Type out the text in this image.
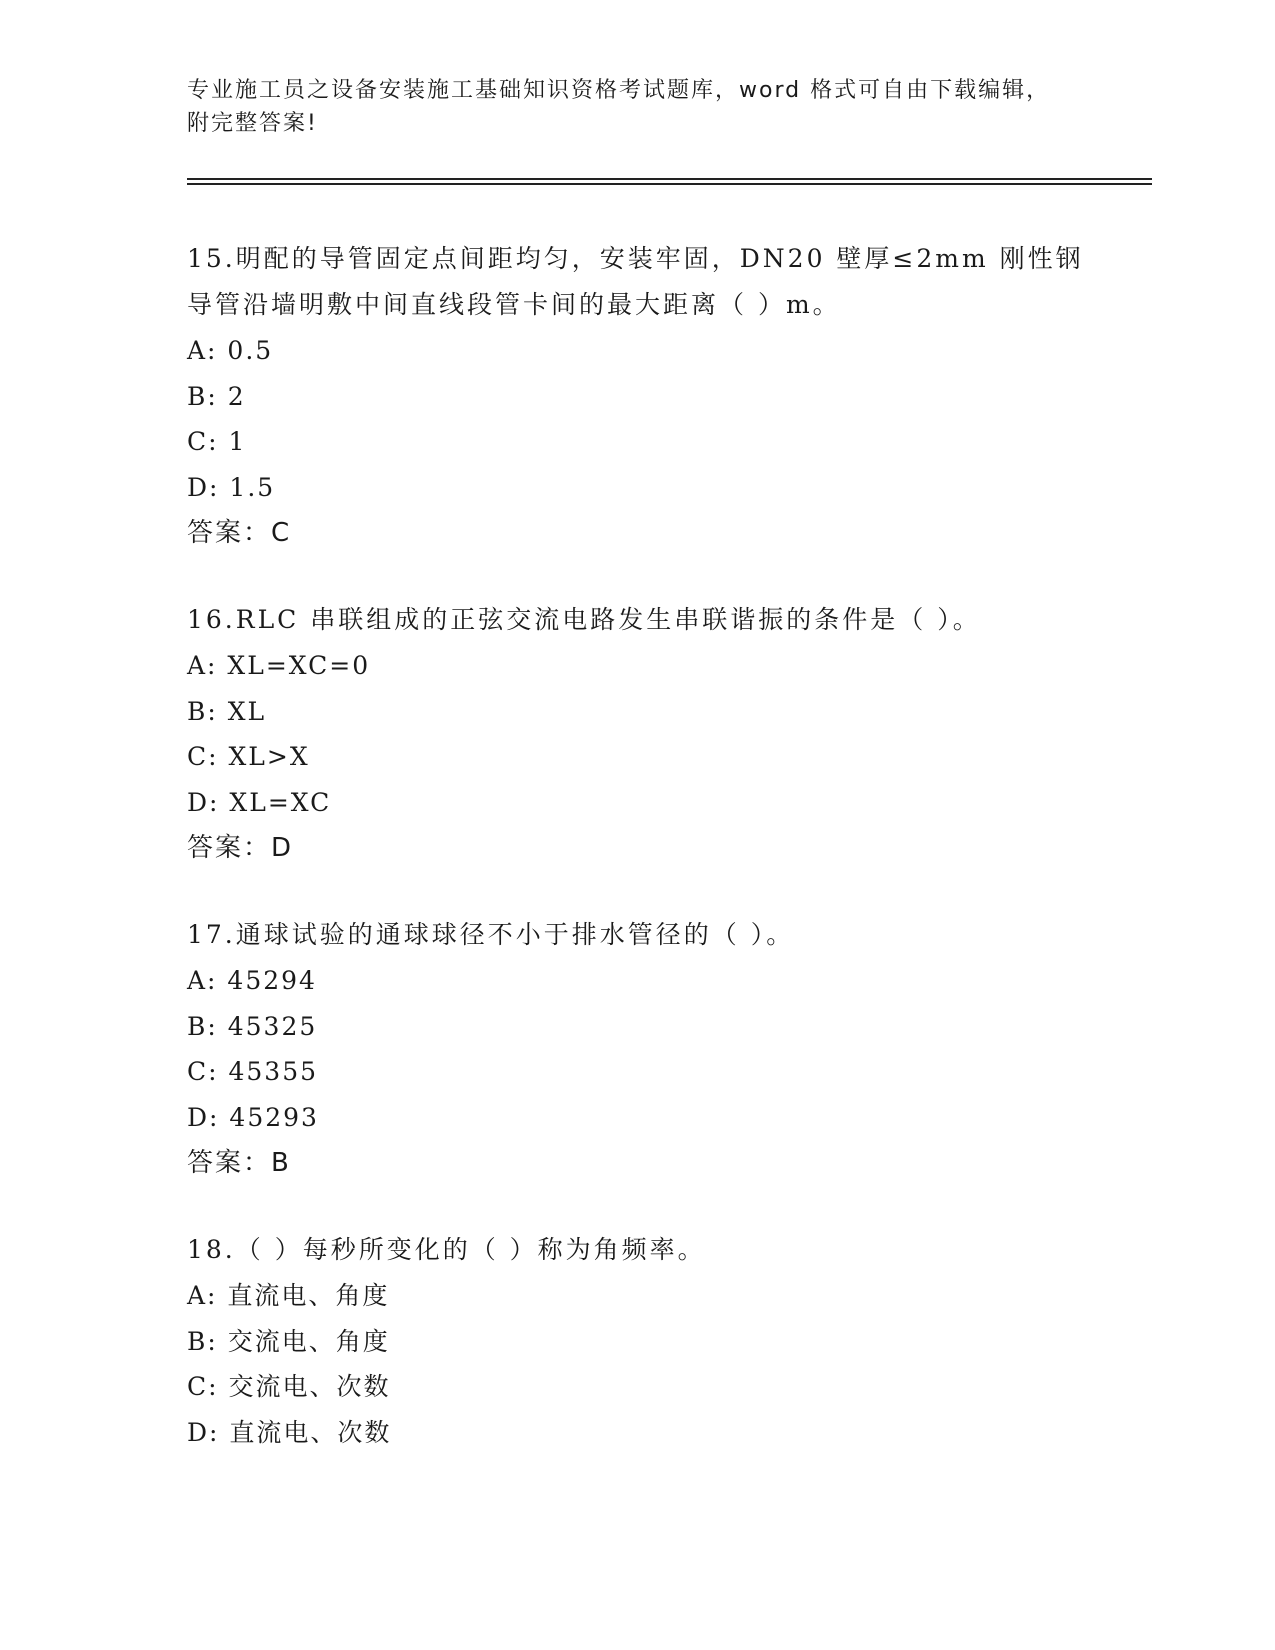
专业施工员之设备安装施工基础知识资格考试题库，word 格式可自由下载编辑，
附完整答案!
15.明配的导管固定点间距均匀，安装牢固，DN20 壁厚≤2mm 刚性钢导管沿墙明敷中间直线段管卡间的最大距离（ ）m。
A: 0.5
B: 2
C: 1
D: 1.5
答案：C
16.RLC 串联组成的正弦交流电路发生串联谐振的条件是（ ）。
A: XL=XC=0
B: XL
C: XL>X
D: XL=XC
答案：D
17.通球试验的通球球径不小于排水管径的（ ）。
A: 45294
B: 45325
C: 45355
D: 45293
答案：B
18.（ ）每秒所变化的（ ）称为角频率。
A: 直流电、角度
B: 交流电、角度
C: 交流电、次数
D: 直流电、次数
